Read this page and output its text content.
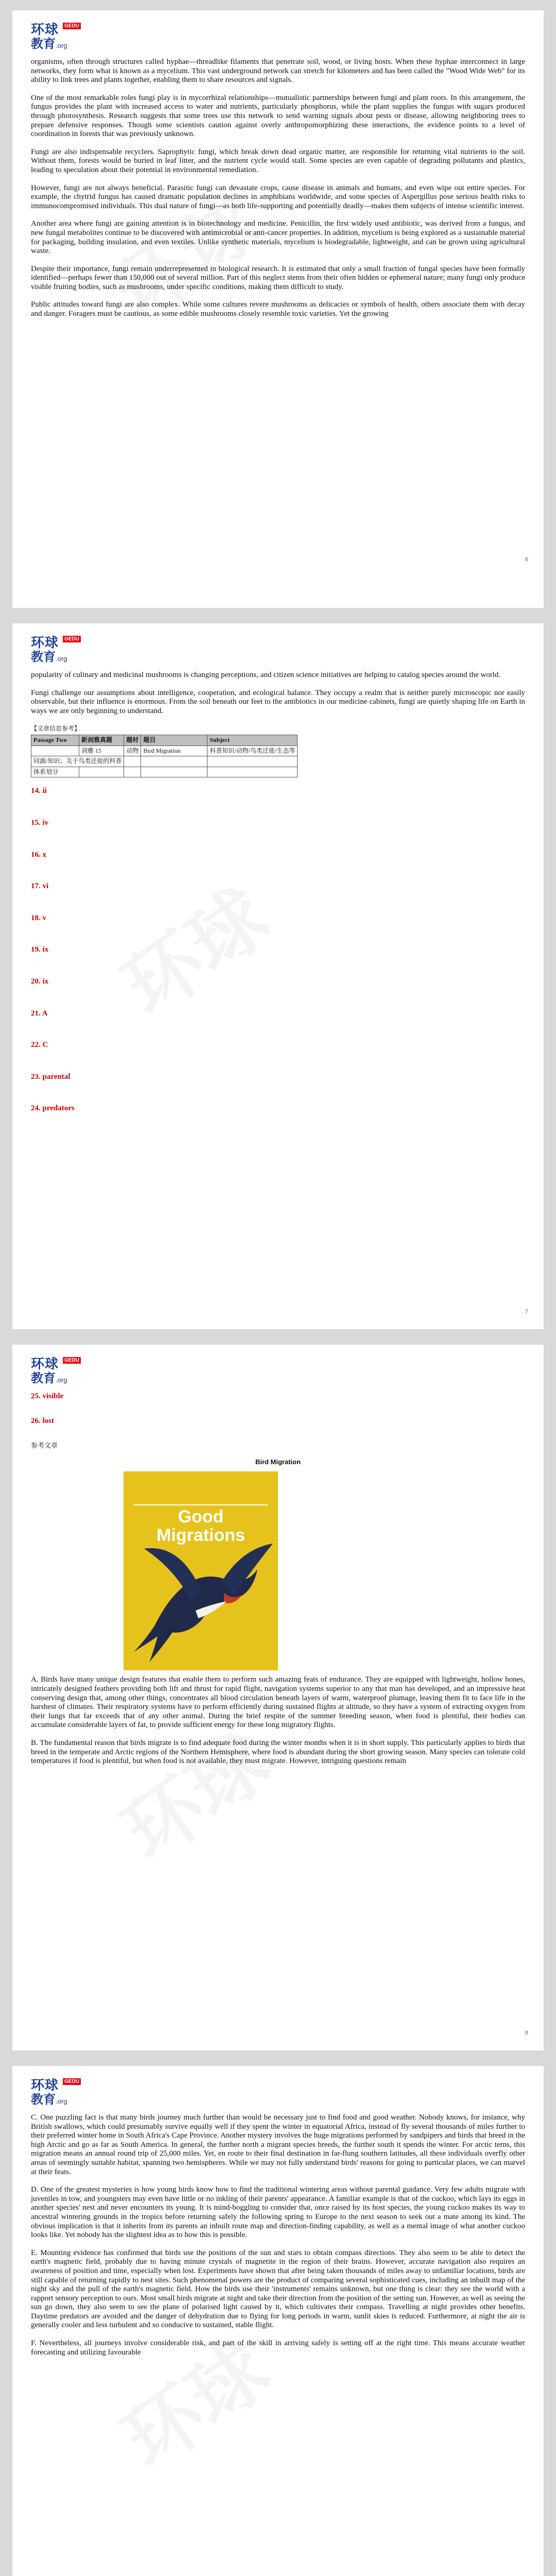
环球	GEDU
教育.org

organisms, often through structures called hyphae—threadlike filaments that penetrate soil, wood, or living hosts. When these hyphae interconnect in large networks, they form what is known as a mycelium. This vast underground network can stretch for kilometers and has been called the "Wood Wide Web" for its ability to link trees and plants together, enabling them to share resources and signals.

One of the most remarkable roles fungi play is in mycorrhizal relationships—mutualistic partnerships between fungi and plant roots. In this arrangement, the fungus provides the plant with increased access to water and nutrients, particularly phosphorus, while the plant supplies the fungus with sugars produced through photosynthesis. Research suggests that some trees use this network to send warning signals about pests or disease, allowing neighboring trees to prepare defensive responses. Though some scientists caution against overly anthropomorphizing these interactions, the evidence points to a level of coordination in forests that was previously unknown.

Fungi are also indispensable recyclers. Saprophytic fungi, which break down dead organic matter, are responsible for returning vital nutrients to the soil. Without them, forests would be buried in leaf litter, and the nutrient cycle would stall. Some species are even capable of degrading pollutants and plastics, leading to speculation about their potential in environmental remediation.

However, fungi are not always beneficial. Parasitic fungi can devastate crops, cause disease in animals and humans, and even wipe out entire species. For example, the chytrid fungus has caused dramatic population declines in amphibians worldwide, and some species of Aspergillus pose serious health risks to immunocompromised individuals. This dual nature of fungi—as both life-supporting and potentially deadly—makes them subjects of intense scientific interest.

Another area where fungi are gaining attention is in biotechnology and medicine. Penicillin, the first widely used antibiotic, was derived from a fungus, and new fungal metabolites continue to be discovered with antimicrobial or anti-cancer properties. In addition, mycelium is being explored as a sustainable material for packaging, building insulation, and even textiles. Unlike synthetic materials, mycelium is biodegradable, lightweight, and can be grown using agricultural waste.

Despite their importance, fungi remain underrepresented in biological research. It is estimated that only a small fraction of fungal species have been formally identified—perhaps fewer than 150,000 out of several million. Part of this neglect stems from their often hidden or ephemeral nature; many fungi only produce visible fruiting bodies, such as mushrooms, under specific conditions, making them difficult to study.

Public attitudes toward fungi are also complex. While some cultures revere mushrooms as delicacies or symbols of health, others associate them with decay and danger. Foragers must be cautious, as some edible mushrooms closely resemble toxic varieties. Yet the growing

6
环球	GEDU
教育.org

popularity of culinary and medicinal mushrooms is changing perceptions, and citizen science initiatives are helping to catalog species around the world.

Fungi challenge our assumptions about intelligence, cooperation, and ecological balance. They occupy a realm that is neither purely microscopic nor easily observable, but their influence is enormous. From the soil beneath our feet to the antibiotics in our medicine cabinets, fungi are quietly shaping life on Earth in ways we are only beginning to understand.

【文章信息参考】
Passage Two	新剑雅真题	题材	题目	Subject
	剑雅 15	动物	Bird Migration	科普知识/动物/鸟类迁徙/生态等
同源/知识；关于鸟类迁徙的科普				
体系划分				
14. ii
15. iv
16. x
17. vi
18. v
19. ix
20. ix
21. A
22. C
23. parental
24. predators
7
环球	GEDU
教育.org
25. visible
26. lost
参考文章
Bird Migration
Good
Migrations

A. Birds have many unique design features that enable them to perform such amazing feats of endurance. They are equipped with lightweight, hollow bones, intricately designed feathers providing both lift and thrust for rapid flight, navigation systems superior to any that man has developed, and an impressive heat conserving design that, among other things, concentrates all blood circulation beneath layers of warm, waterproof plumage, leaving them fit to face life in the harshest of climates. Their respiratory systems have to perform efficiently during sustained flights at altitude, so they have a system of extracting oxygen from their lungs that far exceeds that of any other animal. During the brief respite of the summer breeding season, when food is plentiful, their bodies can accumulate considerable layers of fat, to provide sufficient energy for these long migratory flights.

B. The fundamental reason that birds migrate is to find adequate food during the winter months when it is in short supply. This particularly applies to birds that breed in the temperate and Arctic regions of the Northern Hemisphere, where food is abundant during the short growing season. Many species can tolerate cold temperatures if food is plentiful, but when food is not available, they must migrate. However, intriguing questions remain

8
环球	GEDU
教育.org

C. One puzzling fact is that many birds journey much further than would be necessary just to find food and good weather. Nobody knows, for instance, why British swallows, which could presumably survive equally well if they spent the winter in equatorial Africa, instead of fly several thousands of miles further to their preferred winter home in South Africa's Cape Province. Another mystery involves the huge migrations performed by sandpipers and birds that breed in the high Arctic and go as far as South America. In general, the further north a migrant species breeds, the further south it spends the winter. For arctic terns, this migration means an annual round trip of 25,000 miles. Yet, en route to their final destination in far-flung southern latitudes, all these individuals overfly other areas of seemingly suitable habitat, spanning two hemispheres. While we may not fully understand birds' reasons for going to particular places, we can marvel at their feats.

D. One of the greatest mysteries is how young birds know how to find the traditional wintering areas without parental guidance. Very few adults migrate with juveniles in tow, and youngsters may even have little or no inkling of their parents' appearance. A familiar example is that of the cuckoo, which lays its eggs in another species' nest and never encounters its young. It is mind-boggling to consider that, once raised by its host species, the young cuckoo makes its way to ancestral wintering grounds in the tropics before returning safely the following spring to Europe to the next season to seek out a mate among its kind. The obvious implication is that it inherits from its parents an inbuilt route map and direction-finding capability, as well as a mental image of what another cuckoo looks like. Yet nobody has the slightest idea as to how this is possible.

E. Mounting evidence has confirmed that birds use the positions of the sun and stars to obtain compass directions. They also seem to be able to detect the earth's magnetic field, probably due to having minute crystals of magnetite in the region of their brains. However, accurate navigation also requires an awareness of position and time, especially when lost. Experiments have shown that after being taken thousands of miles away to unfamiliar locations, birds are still capable of returning rapidly to nest sites. Such phenomenal powers are the product of comparing several sophisticated cues, including an inbuilt map of the night sky and the pull of the earth's magnetic field. How the birds use their 'instruments' remains unknown, but one thing is clear: they see the world with a rapport sensory perception to ours. Most small birds migrate at night and take their direction from the position of the setting sun. However, as well as seeing the sun go down, they also seem to see the plane of polarised light caused by it, which cultivates their compass. Travelling at night provides other benefits. Daytime predators are avoided and the danger of dehydration due to flying for long periods in warm, sunlit skies is reduced. Furthermore, at night the air is generally cooler and less turbulent and so conducive to sustained, stable flight.

F. Nevertheless, all journeys involve considerable risk, and part of the skill in arriving safely is setting off at the right time. This means accurate weather forecasting and utilizing favourable
